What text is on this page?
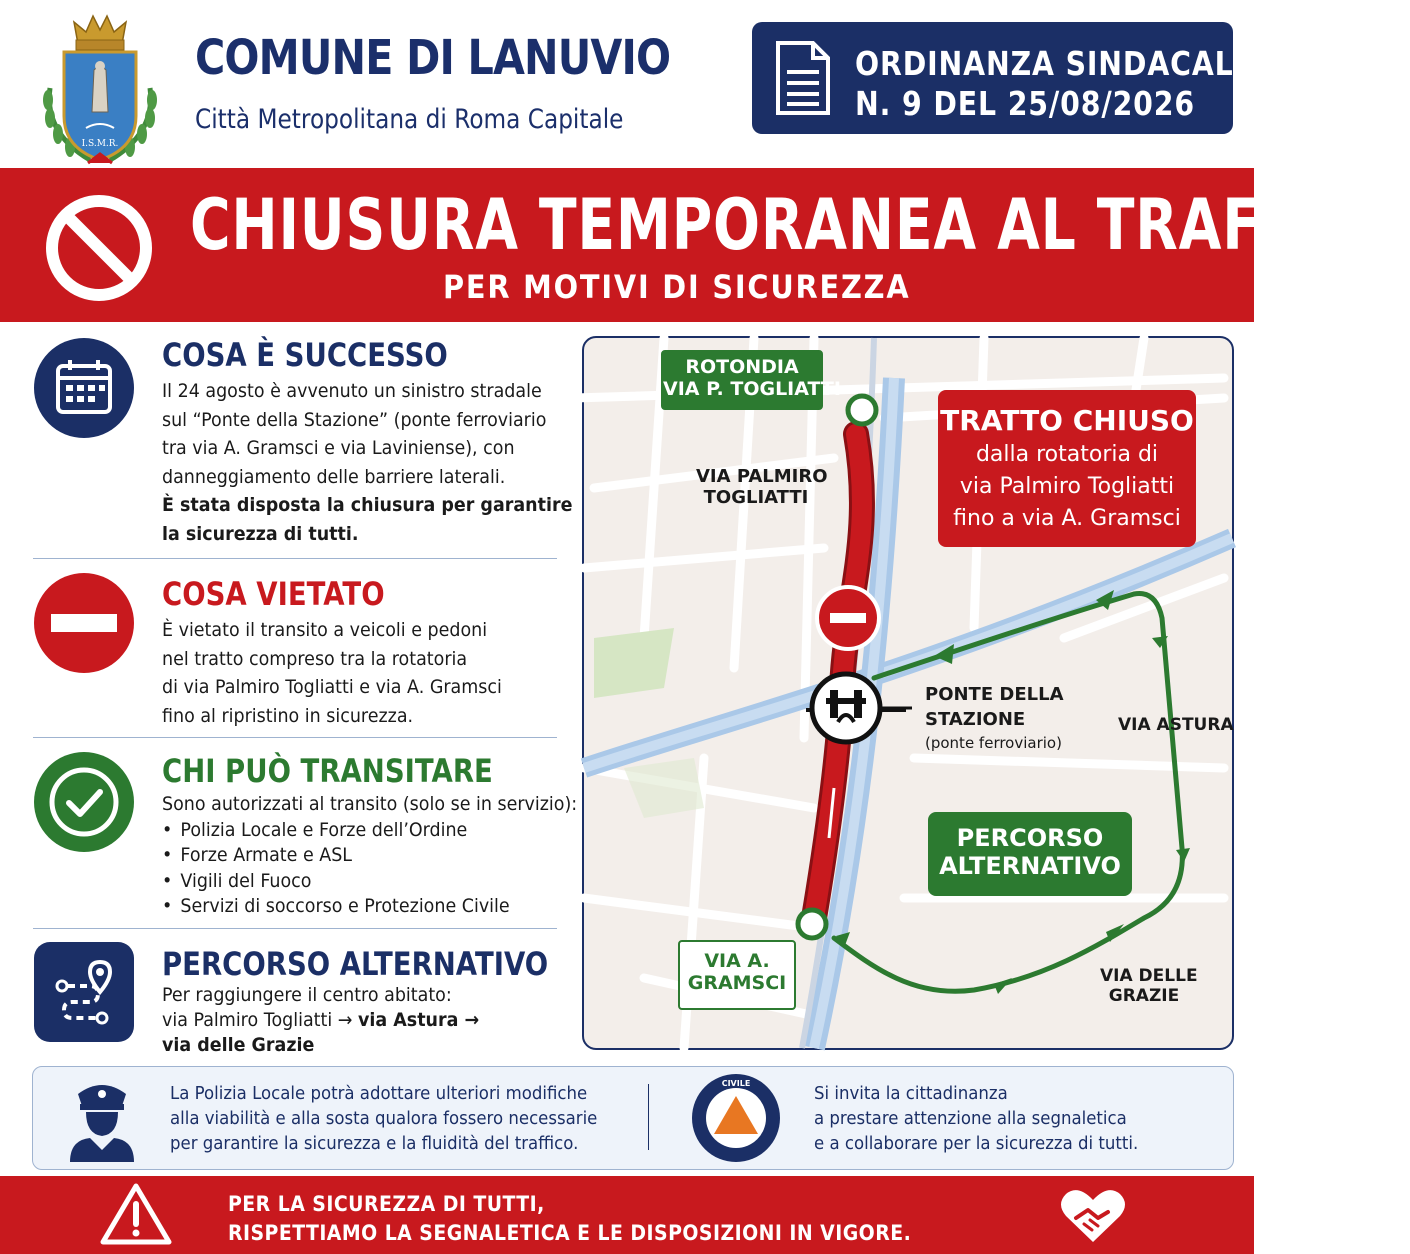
I.S.M.R.
COMUNE DI LANUVIO
Città Metropolitana di Roma Capitale
ORDINANZA SINDACALE
N. 9 DEL 25/08/2026
CHIUSURA TEMPORANEA AL TRAFFICO
PER MOTIVI DI SICUREZZA
COSA È SUCCESSO
Il 24 agosto è avvenuto un sinistro stradale
sul “Ponte della Stazione” (ponte ferroviario
tra via A. Gramsci e via Laviniense), con
danneggiamento delle barriere laterali.
È stata disposta la chiusura per garantire
la sicurezza di tutti.
COSA VIETATO
È vietato il transito a veicoli e pedoni
nel tratto compreso tra la rotatoria
di via Palmiro Togliatti e via A. Gramsci
fino al ripristino in sicurezza.
CHI PUÒ TRANSITARE
Sono autorizzati al transito (solo se in servizio):
• Polizia Locale e Forze dell’Ordine
• Forze Armate e ASL
• Vigili del Fuoco
• Servizi di soccorso e Protezione Civile
PERCORSO ALTERNATIVO
Per raggiungere il centro abitato:
via Palmiro Togliatti → via Astura →
via delle Grazie
ROTONDIA
VIA P. TOGLIATTI
VIA PALMIRO
TOGLIATTI
TRATTO CHIUSO
dalla rotatoria di
via Palmiro Togliatti
fino a via A. Gramsci
PONTE DELLA
STAZIONE
(ponte ferroviario)
VIA ASTURA
PERCORSO
ALTERNATIVO
VIA A.
GRAMSCI	VIA DELLE
GRAZIE
La Polizia Locale potrà adottare ulteriori modifiche
alla viabilità e alla sosta qualora fossero necessarie
per garantire la sicurezza e la fluidità del traffico.
CIVILE	Si invita la cittadinanza
a prestare attenzione alla segnaletica
e a collaborare per la sicurezza di tutti.
PER LA SICUREZZA DI TUTTI,
RISPETTIAMO LA SEGNALETICA E LE DISPOSIZIONI IN VIGORE.
